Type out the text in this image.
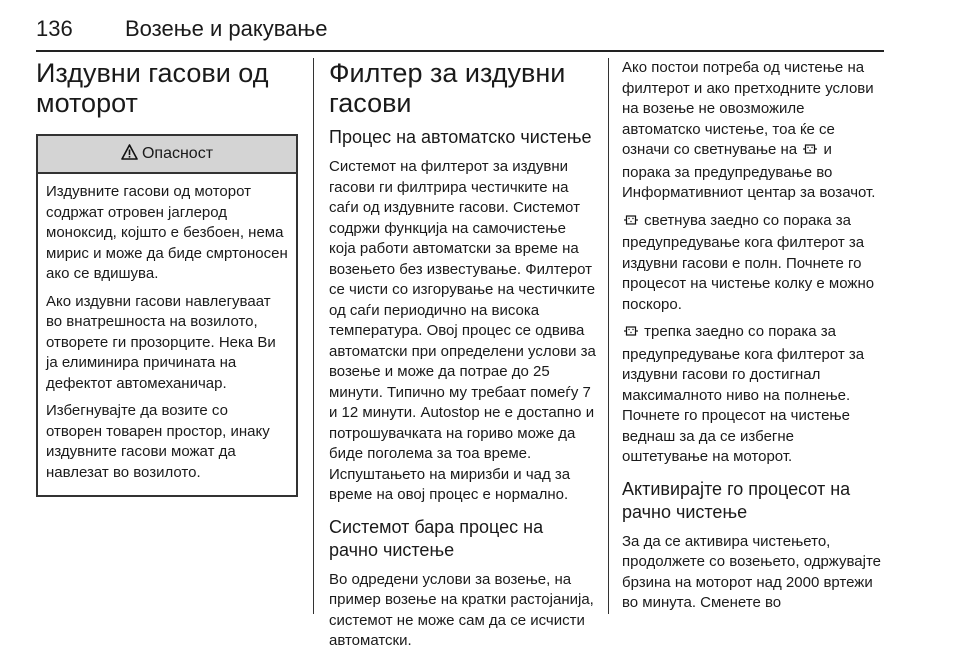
136 Возење и ракување
Издувни гасови од
моторот
Опасност

Издувните гасови од моторот содржат отровен јаглерод моноксид, којшто е безбоен, нема мирис и може да биде смртоносен ако се вдишува.

Ако издувни гасови навлегуваат во внатрешноста на возилото, отворете ги прозорците. Нека Ви ја елиминира причината на дефектот автомеханичар.

Избегнувајте да возите со отворен товарен простор, инаку издувните гасови можат да навлезат во возилото.

Филтер за издувни гасови
Процес на автоматско чистење

Системот на филтерот за издувни гасови ги филтрира честичките на саѓи од издувните гасови. Системот содржи функција на самочистење која работи автоматски за време на возењето без известување. Филтерот се чисти со изгорување на честичките од саѓи периодично на висока температура. Овој процес се одвива автоматски при определени услови за возење и може да потрае до 25 минути. Типично му требаат помеѓу 7 и 12 минути. Autostop не е достапно и потрошувачката на гориво може да биде поголема за тоа време. Испуштањето на миризби и чад за време на овој процес е нормално.

Системот бара процес на рачно чистење

Во одредени услови за возење, на пример возење на кратки растојанија, системот не може сам да се исчисти автоматски.

Ако постои потреба од чистење на филтерот и ако претходните услови на возење не овозможиле автоматско чистење, тоа ќе се означи со светнување на и порака за предупредување во Информативниот центар за возачот.

светнува заедно со порака за предупредување кога филтерот за издувни гасови е полн. Почнете го процесот на чистење колку е можно поскоро.

трепка заедно со порака за предупредување кога филтерот за издувни гасови го достигнал максималното ниво на полнење. Почнете го процесот на чистење веднаш за да се избегне оштетување на моторот.

Активирајте го процесот на рачно чистење

За да се активира чистењето, продолжете со возењето, одржувајте брзина на моторот над 2000 вртежи во минута. Сменете во
